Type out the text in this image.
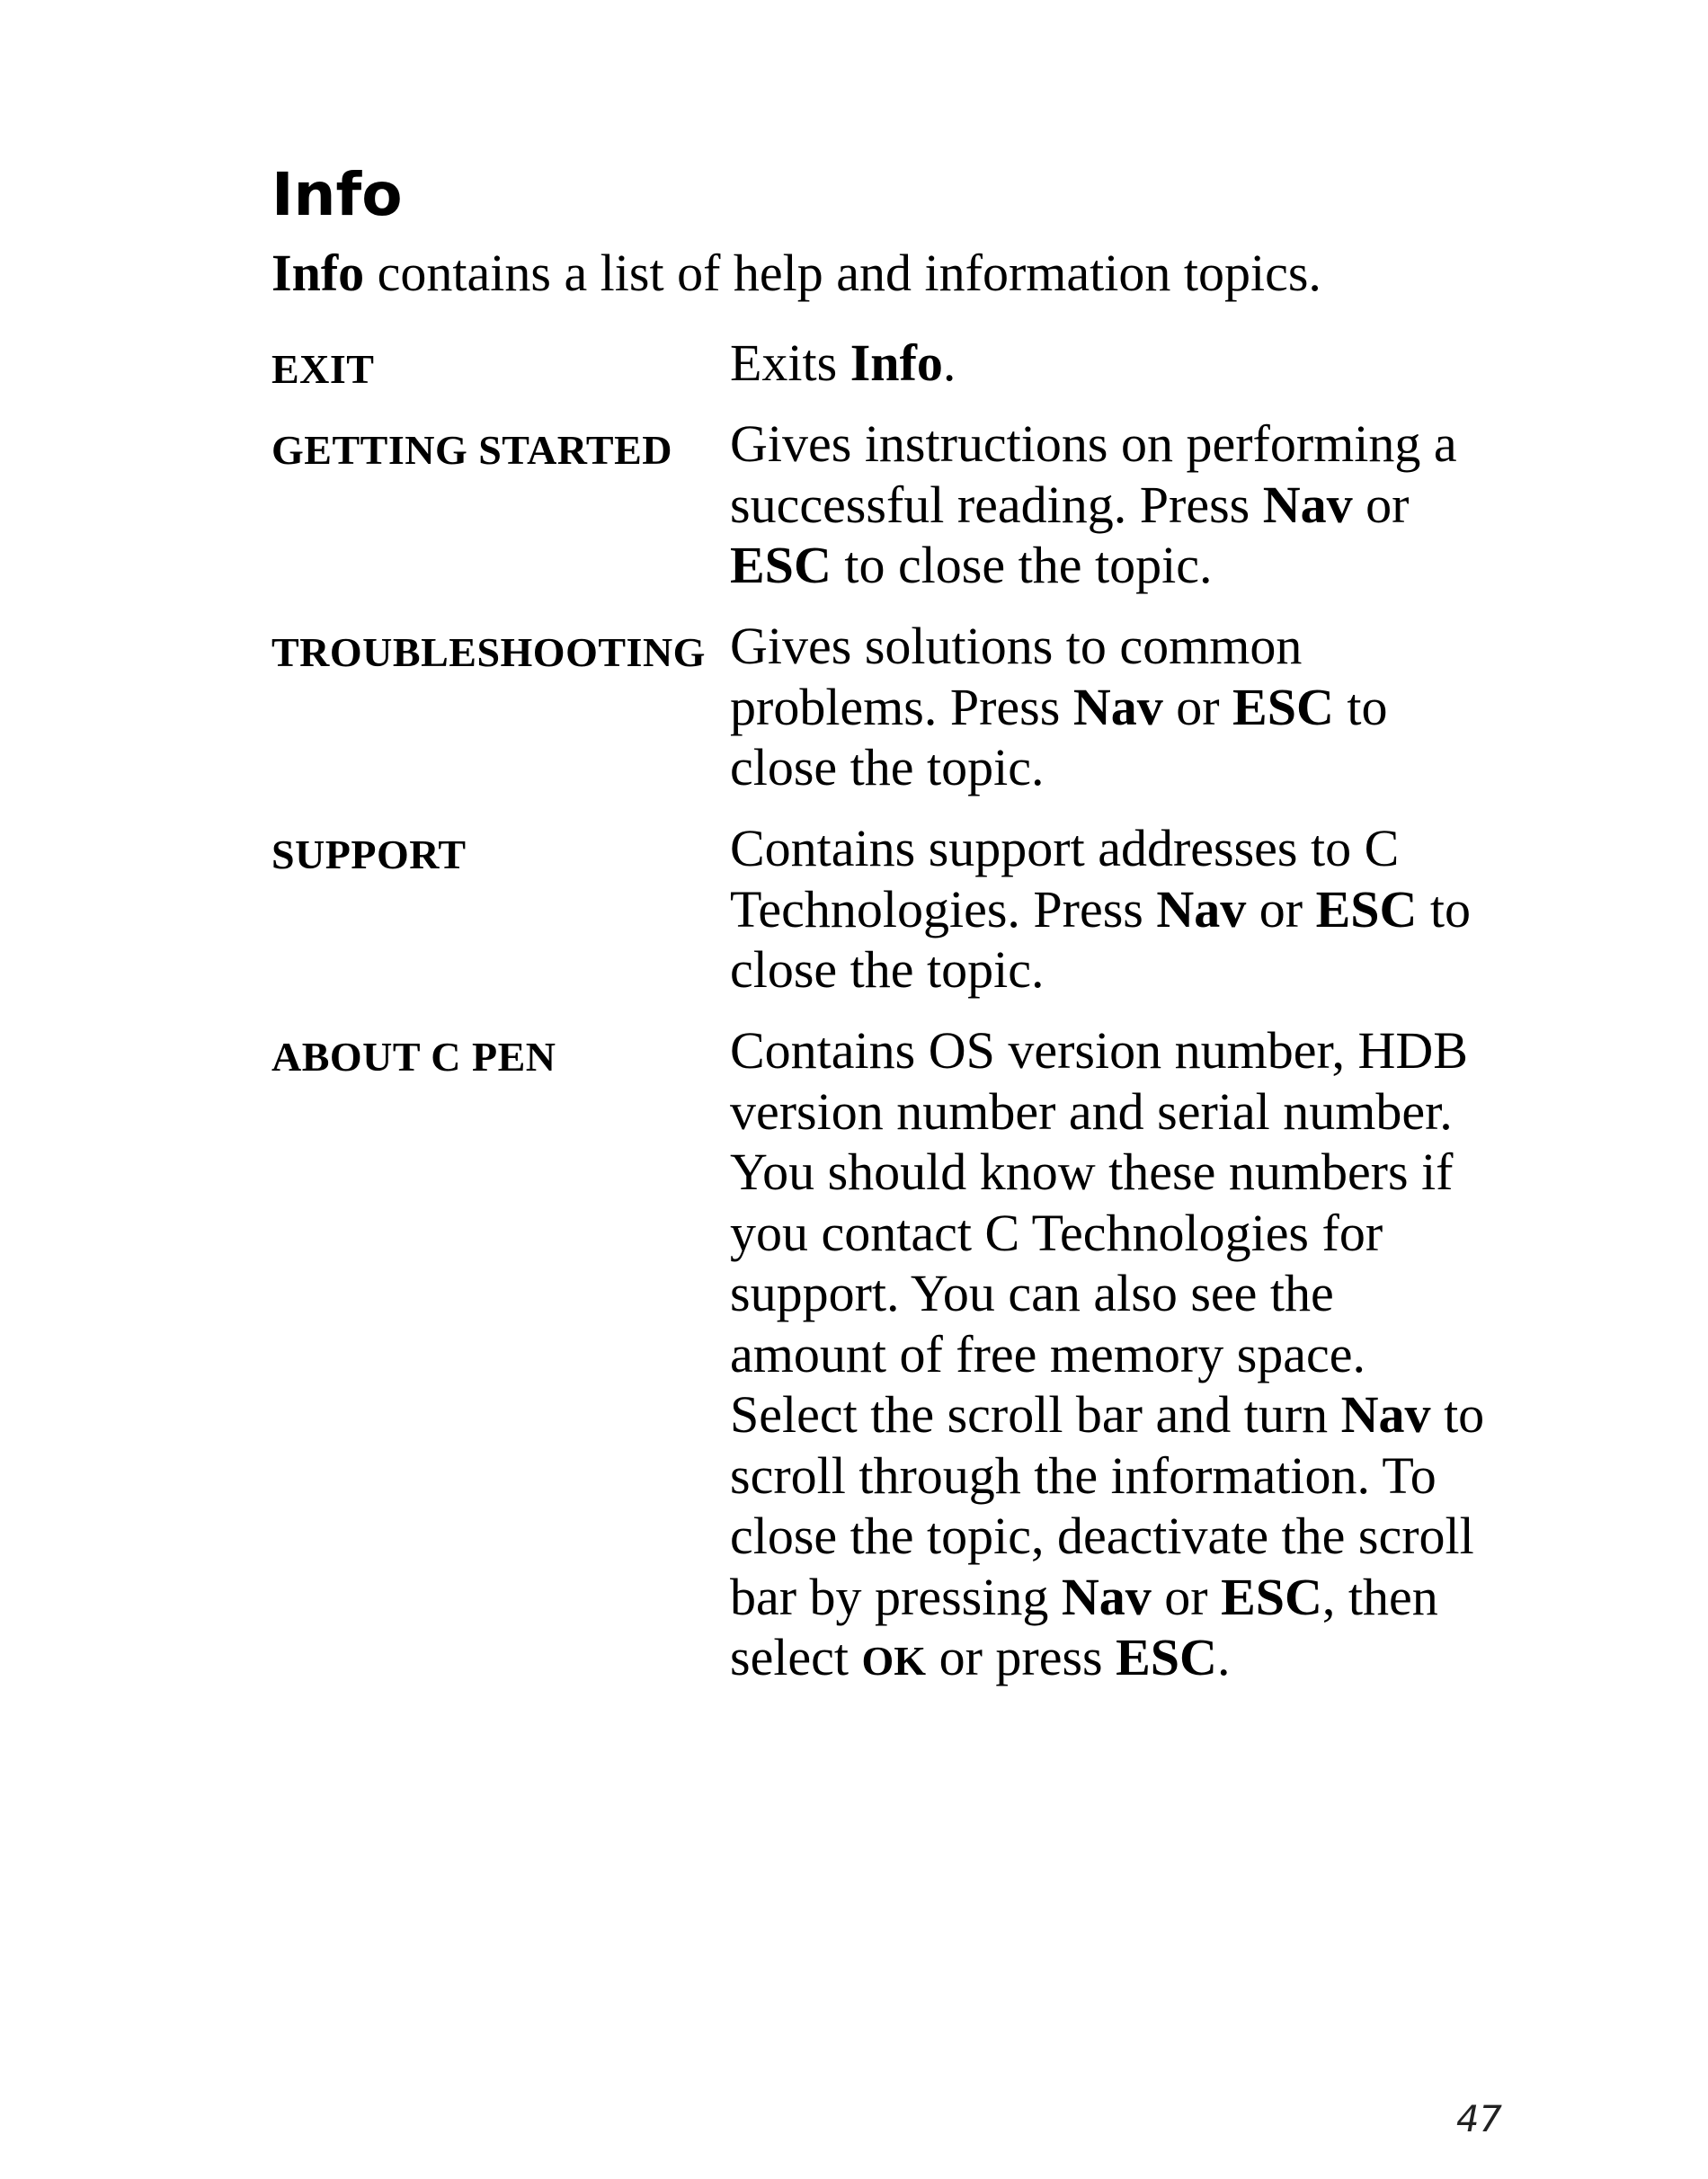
Info
Info contains a list of help and information topics.
EXIT	Exits Info.
GETTING STARTED Gives instructions on performing a successful reading. Press Nav or ESC to close the topic.
TROUBLESHOOTING Gives solutions to common problems. Press Nav or ESC to close the topic.
SUPPORT	Contains support addresses to C Technologies. Press Nav or ESC to close the topic.
ABOUT C PEN	Contains OS version number, HDB version number and serial number. You should know these numbers if you contact C Technologies for support. You can also see the amount of free memory space. Select the scroll bar and turn Nav to scroll through the information. To close the topic, deactivate the scroll bar by pressing Nav or ESC, then select OK or press ESC.
47
